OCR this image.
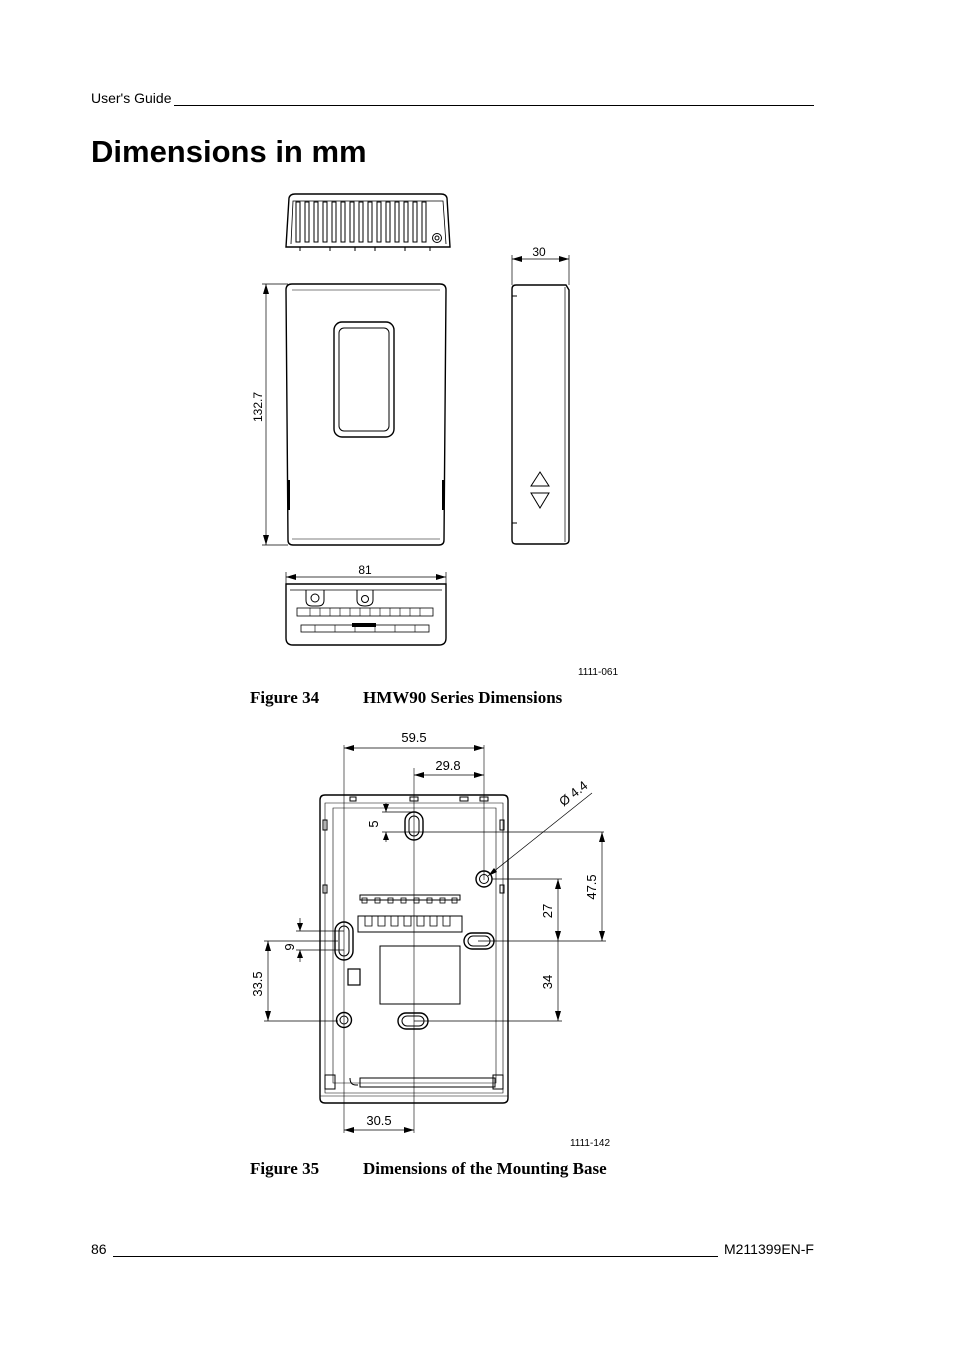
User's Guide
Dimensions in mm
30
132.7
81
1111-061
59.5
29.8
Ø 4.4
5
47.5
27
9
33.5	34
30.5
1111-142
Figure 34	HMW90 Series Dimensions
Figure 35	Dimensions of the Mounting Base
86	M211399EN-F
